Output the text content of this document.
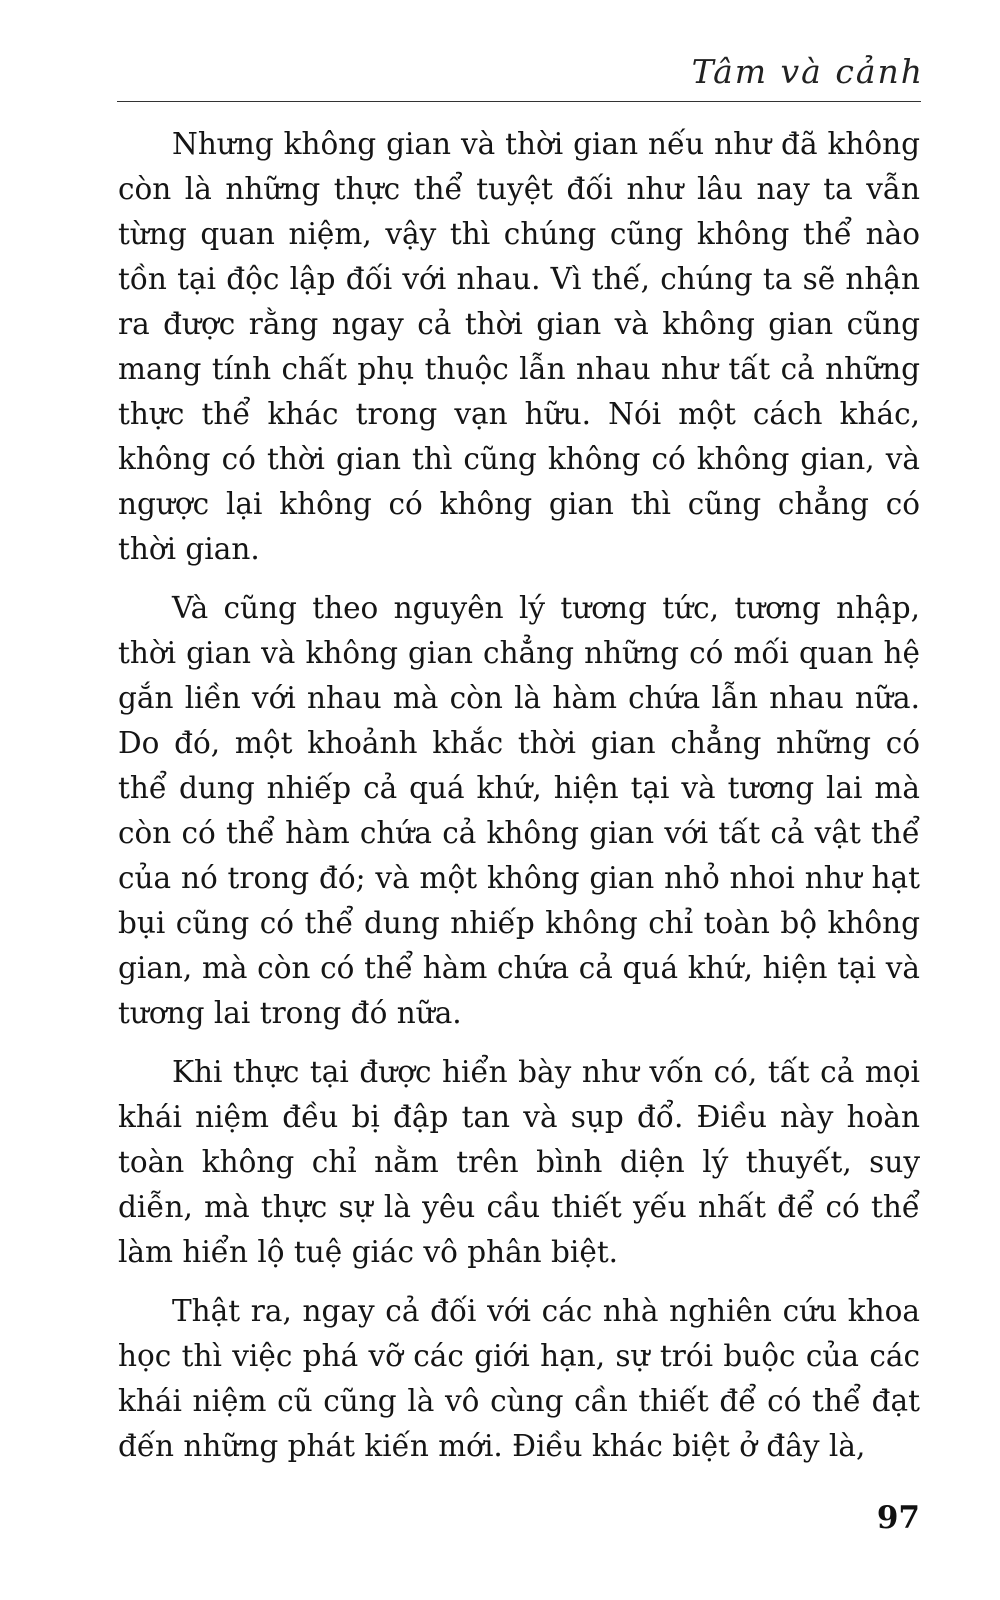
Tâm và cảnh

Nhưng không gian và thời gian nếu như đã không còn là những thực thể tuyệt đối như lâu nay ta vẫn từng quan niệm, vậy thì chúng cũng không thể nào tồn tại độc lập đối với nhau. Vì thế, chúng ta sẽ nhận ra được rằng ngay cả thời gian và không gian cũng mang tính chất phụ thuộc lẫn nhau như tất cả những thực thể khác trong vạn hữu. Nói một cách khác, không có thời gian thì cũng không có không gian, và ngược lại không có không gian thì cũng chẳng có thời gian.

Và cũng theo nguyên lý tương tức, tương nhập, thời gian và không gian chẳng những có mối quan hệ gắn liền với nhau mà còn là hàm chứa lẫn nhau nữa. Do đó, một khoảnh khắc thời gian chẳng những có thể dung nhiếp cả quá khứ, hiện tại và tương lai mà còn có thể hàm chứa cả không gian với tất cả vật thể của nó trong đó; và một không gian nhỏ nhoi như hạt bụi cũng có thể dung nhiếp không chỉ toàn bộ không gian, mà còn có thể hàm chứa cả quá khứ, hiện tại và tương lai trong đó nữa.

Khi thực tại được hiển bày như vốn có, tất cả mọi khái niệm đều bị đập tan và sụp đổ. Điều này hoàn toàn không chỉ nằm trên bình diện lý thuyết, suy diễn, mà thực sự là yêu cầu thiết yếu nhất để có thể làm hiển lộ tuệ giác vô phân biệt.

Thật ra, ngay cả đối với các nhà nghiên cứu khoa học thì việc phá vỡ các giới hạn, sự trói buộc của các khái niệm cũ cũng là vô cùng cần thiết để có thể đạt đến những phát kiến mới. Điều khác biệt ở đây là,

97
